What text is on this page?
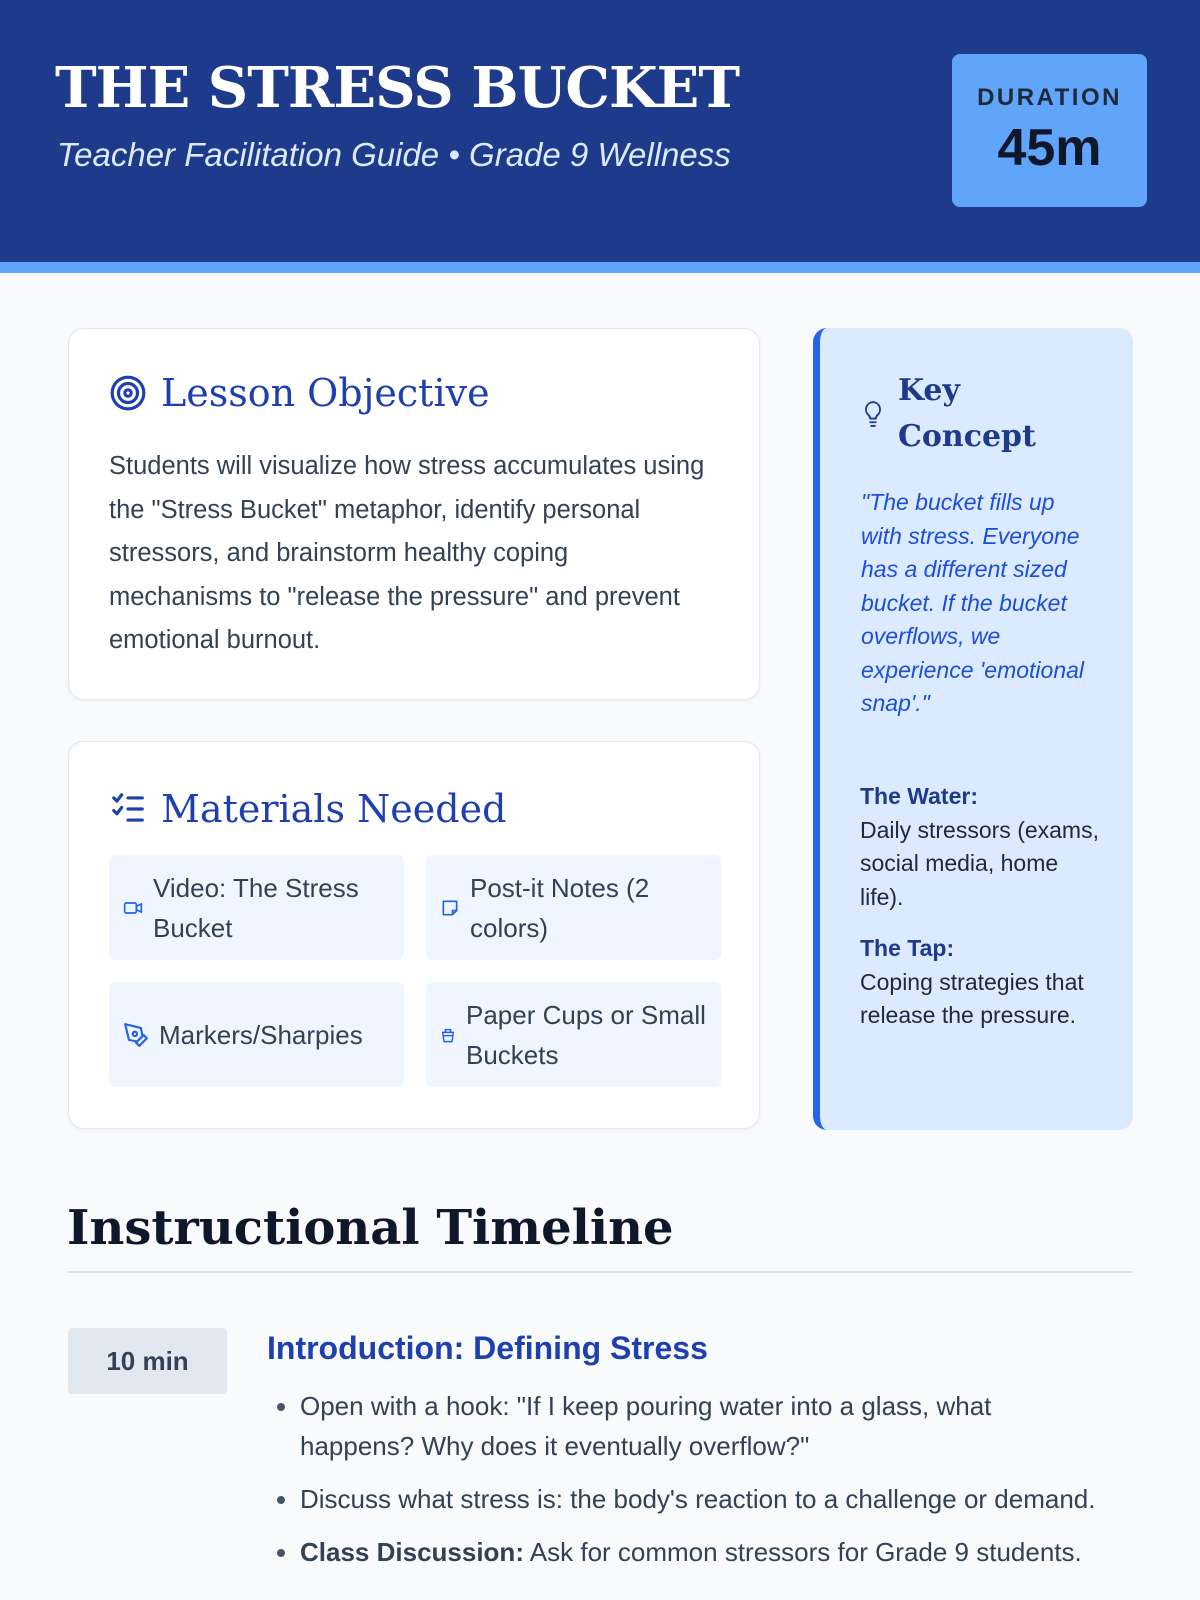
THE STRESS BUCKET
Teacher Facilitation Guide • Grade 9 Wellness
DURATION
45m
Lesson Objective

Students will visualize how stress accumulates using the "Stress Bucket" metaphor, identify personal stressors, and brainstorm healthy coping mechanisms to "release the pressure" and prevent emotional burnout.

Materials Needed
Video: The Stress Bucket
Post-it Notes (2 colors)
Markers/Sharpies
Paper Cups or Small Buckets
Key Concept

"The bucket fills up with stress. Everyone has a different sized bucket. If the bucket overflows, we experience 'emotional snap'."

The Water:
Daily stressors (exams, social media, home life).
The Tap:
Coping strategies that release the pressure.
Instructional Timeline
10 min	Introduction: Defining Stress
• Open with a hook: "If I keep pouring water into a glass, what happens? Why does it eventually overflow?"
• Discuss what stress is: the body's reaction to a challenge or demand.
• Class Discussion: Ask for common stressors for Grade 9 students.
